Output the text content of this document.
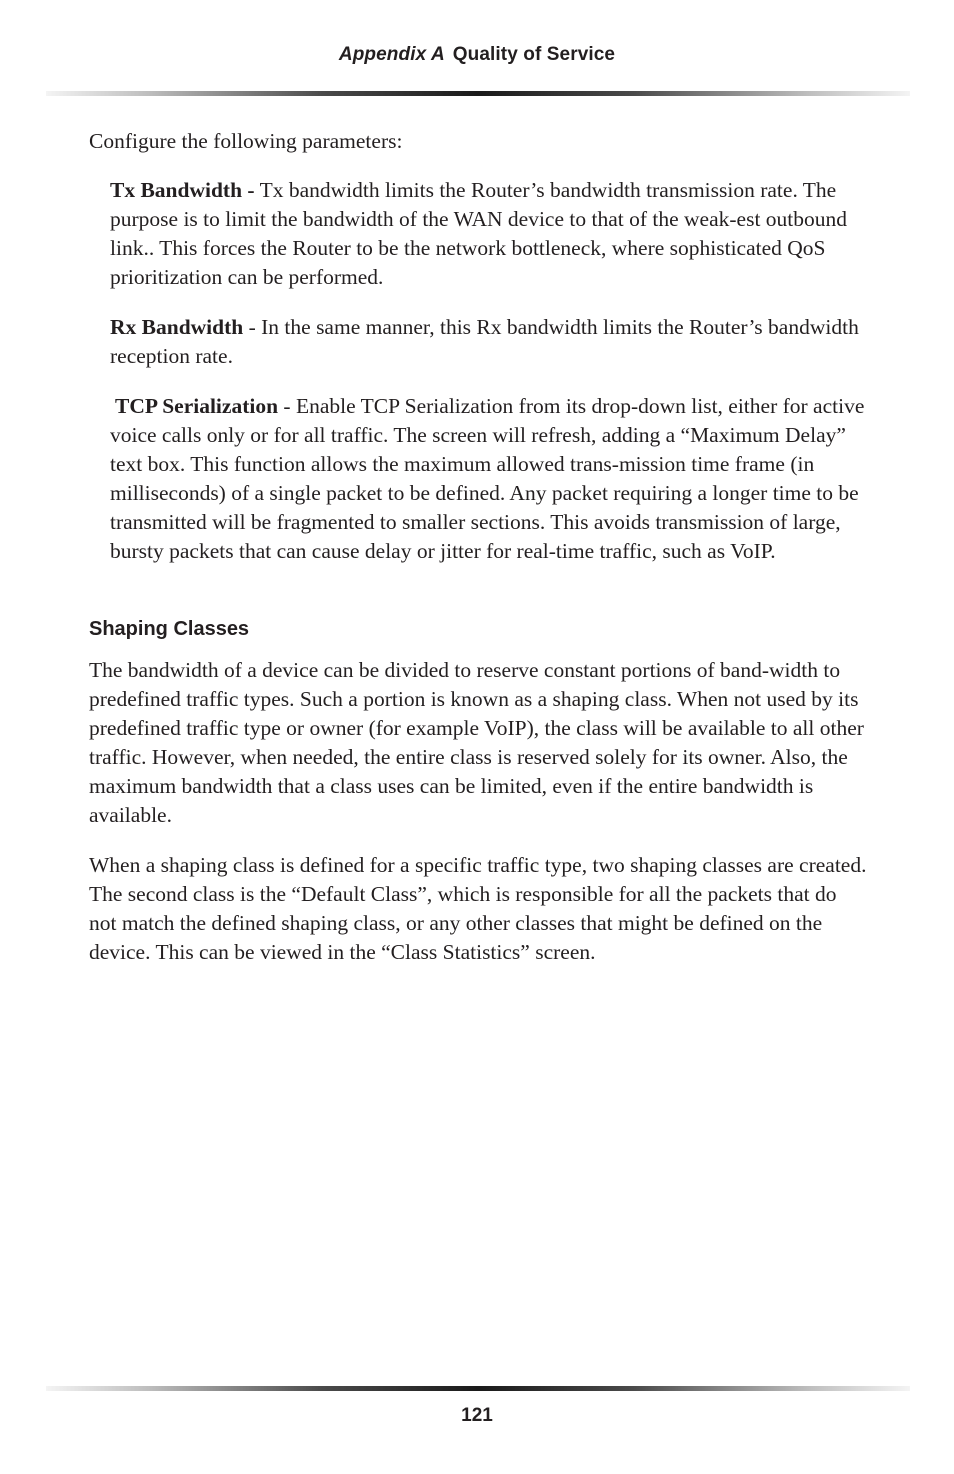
Appendix A Quality of Service

Configure the following parameters:

Tx Bandwidth - Tx bandwidth limits the Router’s bandwidth transmission rate. The purpose is to limit the bandwidth of the WAN device to that of the weak-est outbound link.. This forces the Router to be the network bottleneck, where sophisticated QoS prioritization can be performed.

Rx Bandwidth - In the same manner, this Rx bandwidth limits the Router’s bandwidth reception rate.

TCP Serialization - Enable TCP Serialization from its drop-down list, either for active voice calls only or for all traffic. The screen will refresh, adding a “Maximum Delay” text box. This function allows the maximum allowed trans-mission time frame (in milliseconds) of a single packet to be defined. Any packet requiring a longer time to be transmitted will be fragmented to smaller sections. This avoids transmission of large, bursty packets that can cause delay or jitter for real-time traffic, such as VoIP.

Shaping Classes

The bandwidth of a device can be divided to reserve constant portions of band-width to predefined traffic types. Such a portion is known as a shaping class. When not used by its predefined traffic type or owner (for example VoIP), the class will be available to all other traffic. However, when needed, the entire class is reserved solely for its owner. Also, the maximum bandwidth that a class uses can be limited, even if the entire bandwidth is available.

When a shaping class is defined for a specific traffic type, two shaping classes are created. The second class is the “Default Class”, which is responsible for all the packets that do not match the defined shaping class, or any other classes that might be defined on the device. This can be viewed in the “Class Statistics” screen.

121
